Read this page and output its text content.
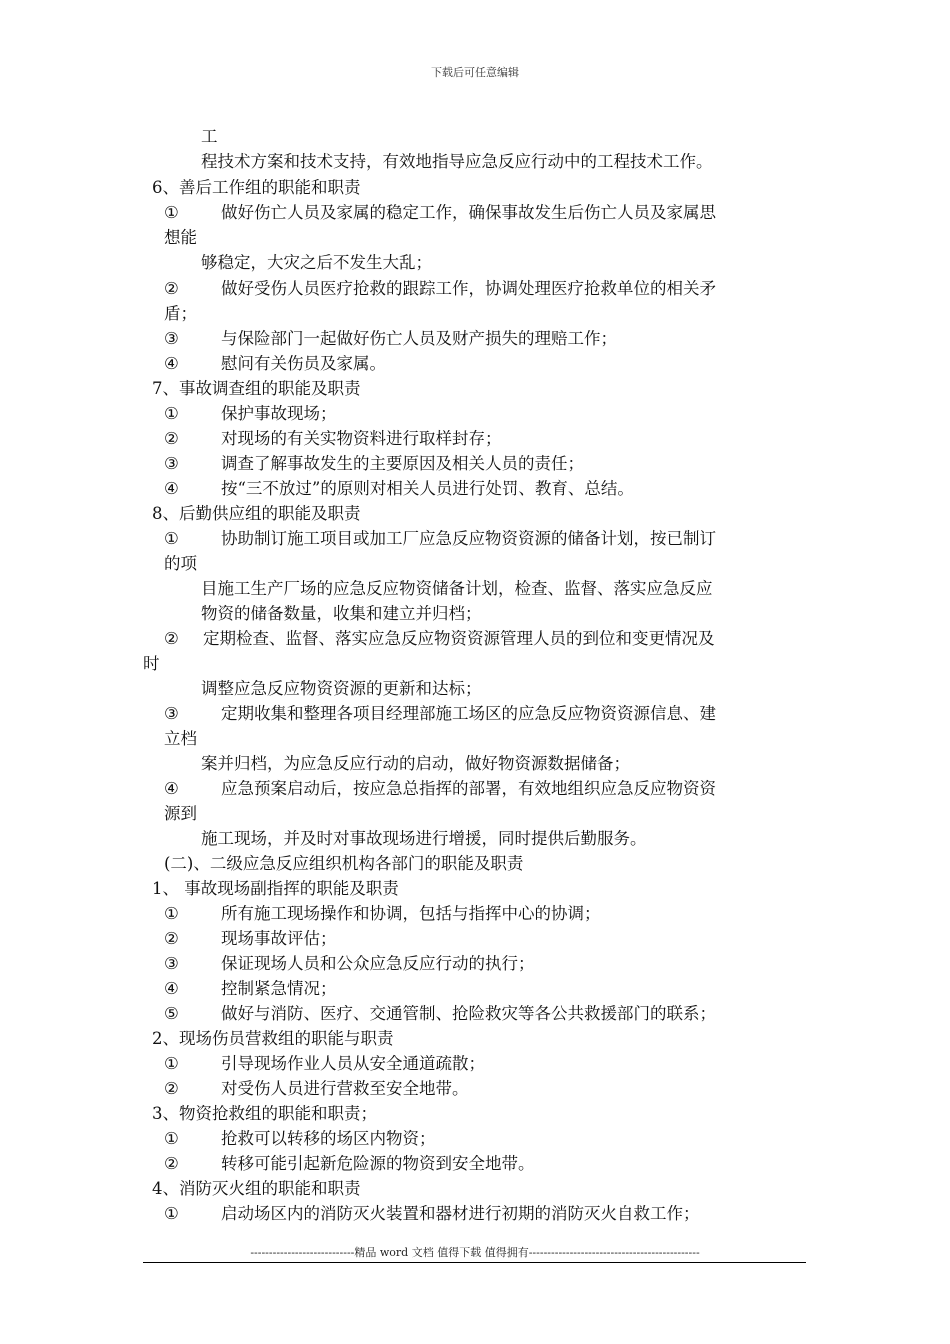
下载后可任意编辑
工
程技术方案和技术支持，有效地指导应急反应行动中的工程技术工作。
6、善后工作组的职能和职责
①	做好伤亡人员及家属的稳定工作，确保事故发生后伤亡人员及家属思
想能
够稳定，大灾之后不发生大乱；
②	做好受伤人员医疗抢救的跟踪工作，协调处理医疗抢救单位的相关矛
盾；
③	与保险部门一起做好伤亡人员及财产损失的理赔工作；
④	慰问有关伤员及家属。
7、事故调查组的职能及职责
①	保护事故现场；
②	对现场的有关实物资料进行取样封存；
③	调查了解事故发生的主要原因及相关人员的责任；
④	按“三不放过”的原则对相关人员进行处罚、教育、总结。
8、后勤供应组的职能及职责
①	协助制订施工项目或加工厂应急反应物资资源的储备计划，按已制订
的项
目施工生产厂场的应急反应物资储备计划，检查、监督、落实应急反应
物资的储备数量，收集和建立并归档；
② 定期检查、监督、落实应急反应物资资源管理人员的到位和变更情况及
时
调整应急反应物资资源的更新和达标；
③	定期收集和整理各项目经理部施工场区的应急反应物资资源信息、建
立档
案并归档，为应急反应行动的启动，做好物资源数据储备；
④	应急预案启动后，按应急总指挥的部署，有效地组织应急反应物资资
源到
施工现场，并及时对事故现场进行增援，同时提供后勤服务。
(二)、二级应急反应组织机构各部门的职能及职责
1、 事故现场副指挥的职能及职责
①	所有施工现场操作和协调，包括与指挥中心的协调；
②	现场事故评估；
③	保证现场人员和公众应急反应行动的执行；
④	控制紧急情况；
⑤	做好与消防、医疗、交通管制、抢险救灾等各公共救援部门的联系；
2、现场伤员营救组的职能与职责
①	引导现场作业人员从安全通道疏散；
②	对受伤人员进行营救至安全地带。
3、物资抢救组的职能和职责；
①	抢救可以转移的场区内物资；
②	转移可能引起新危险源的物资到安全地带。
4、消防灭火组的职能和职责
①	启动场区内的消防灭火装置和器材进行初期的消防灭火自救工作；
----------------------------精品 word 文档 值得下载 值得拥有----------------------------------------------
